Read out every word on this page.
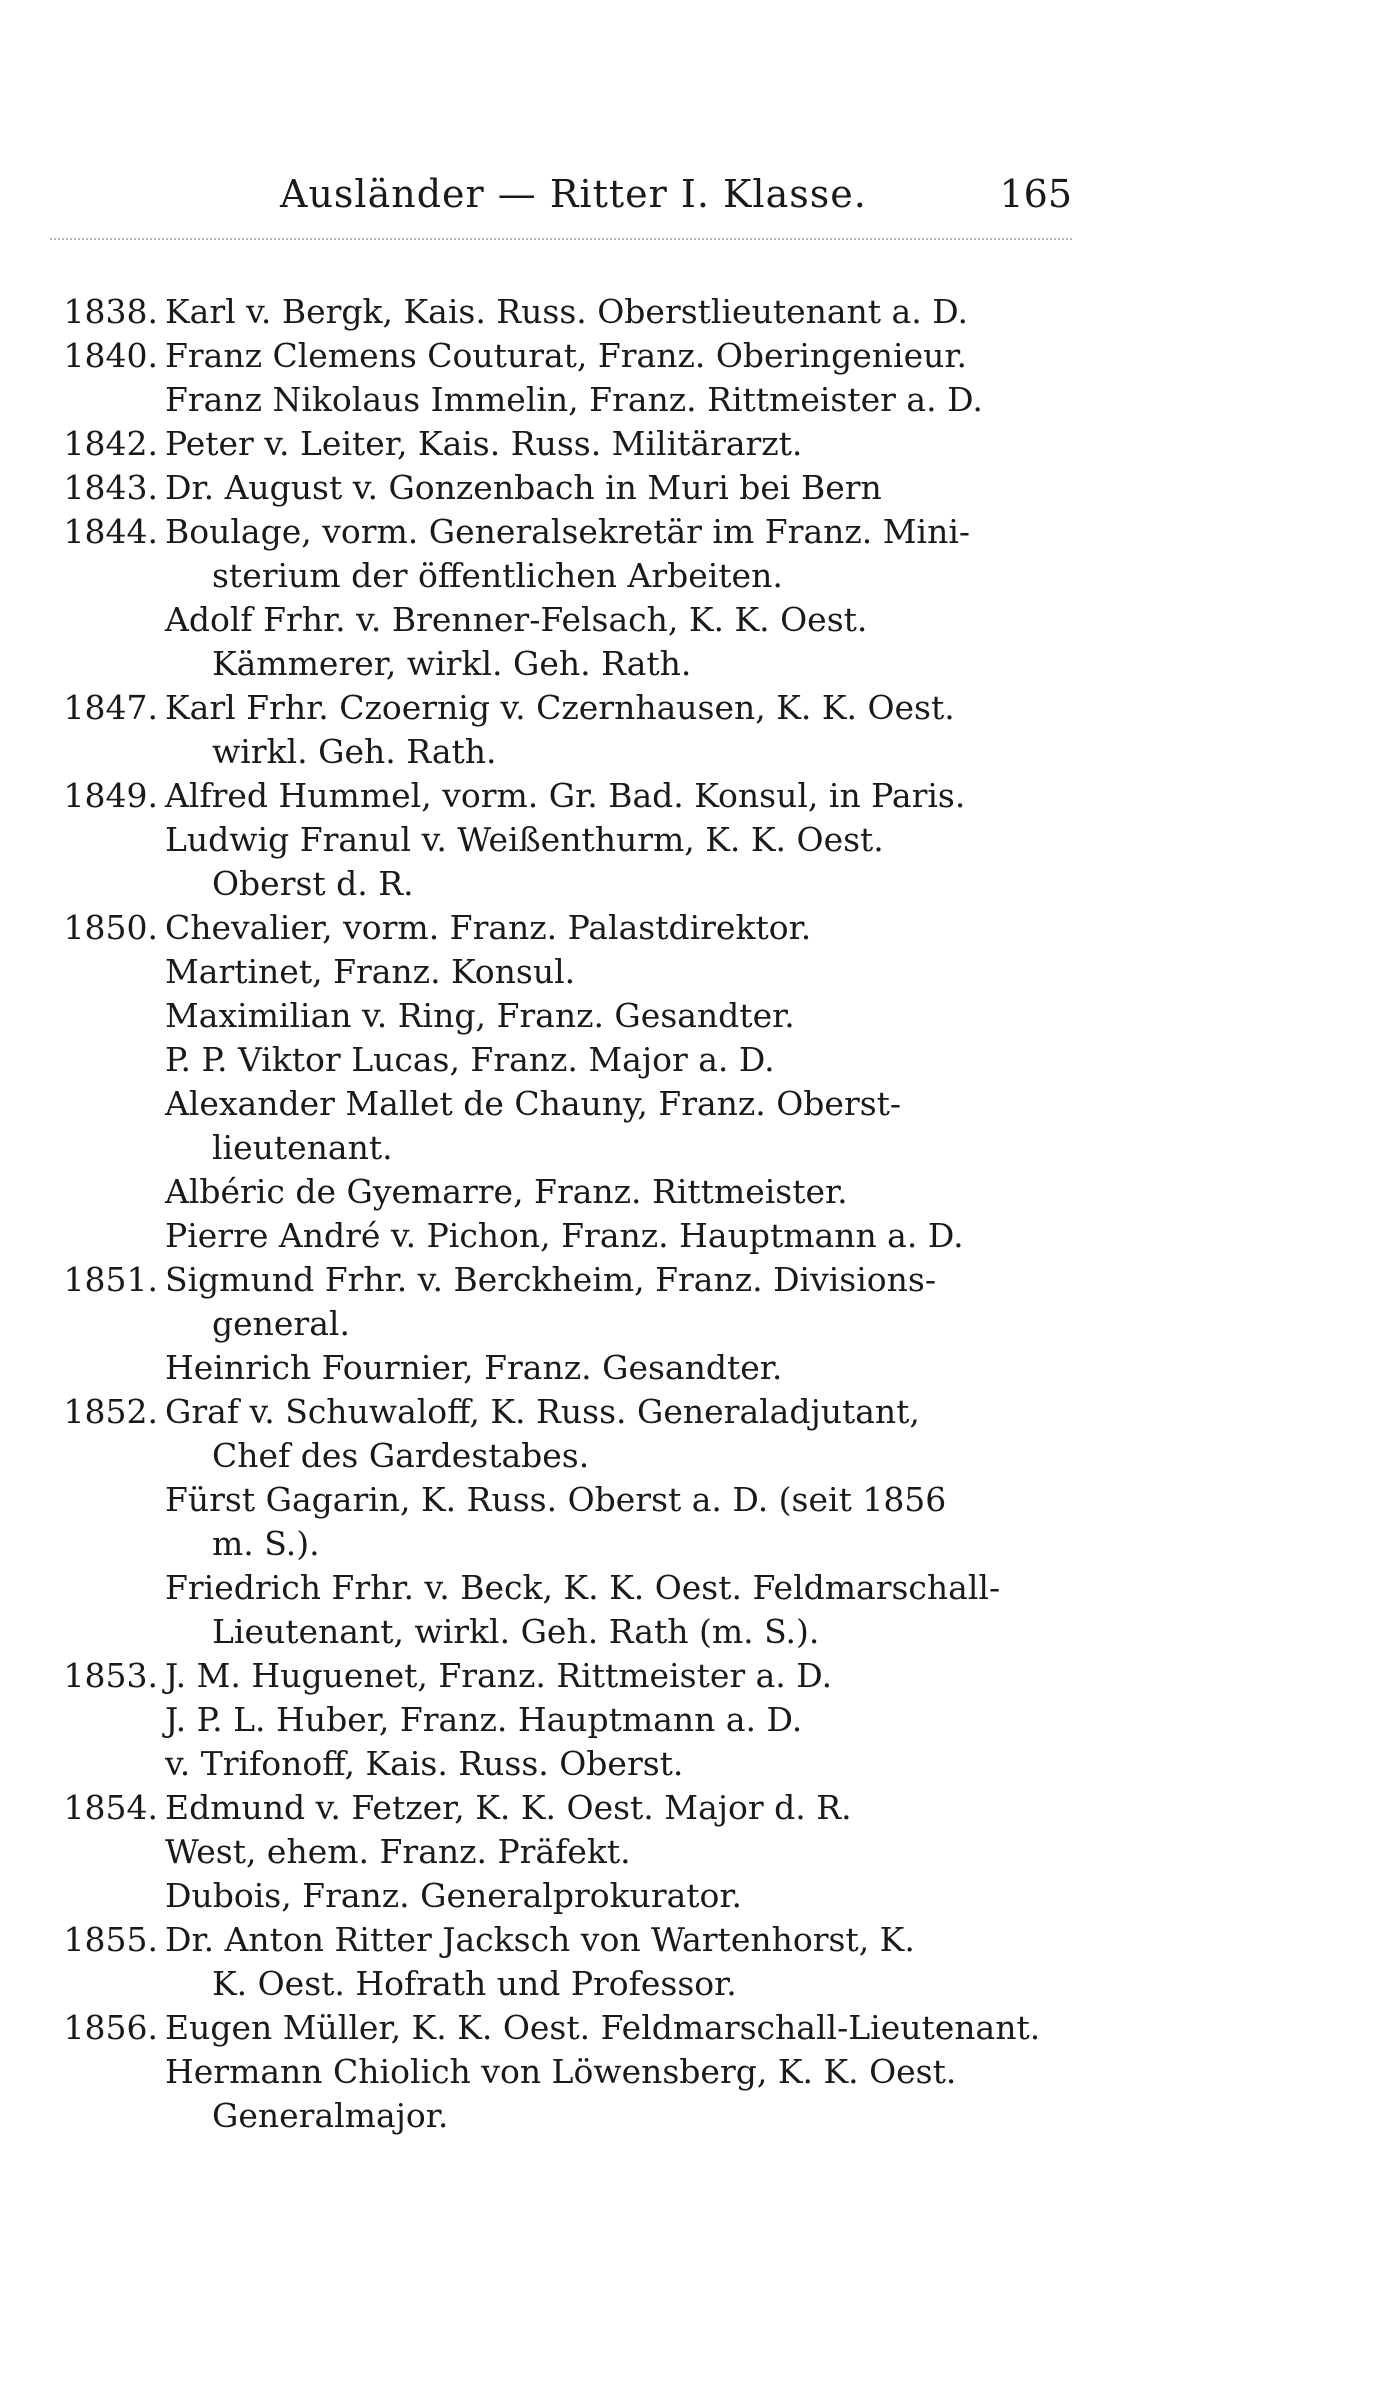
Ausländer — Ritter I. Klasse.	165
1838. Karl v. Bergk, Kais. Russ. Oberstlieutenant a. D.
1840. Franz Clemens Couturat, Franz. Oberingenieur.
Franz Nikolaus Immelin, Franz. Rittmeister a. D.
1842. Peter v. Leiter, Kais. Russ. Militärarzt.
1843. Dr. August v. Gonzenbach in Muri bei Bern
1844. Boulage, vorm. Generalsekretär im Franz. Mini-
sterium der öffentlichen Arbeiten.
Adolf Frhr. v. Brenner-Felsach, K. K. Oest.
Kämmerer, wirkl. Geh. Rath.
1847. Karl Frhr. Czoernig v. Czernhausen, K. K. Oest.
wirkl. Geh. Rath.
1849. Alfred Hummel, vorm. Gr. Bad. Konsul, in Paris.
Ludwig Franul v. Weißenthurm, K. K. Oest.
Oberst d. R.
1850. Chevalier, vorm. Franz. Palastdirektor.
Martinet, Franz. Konsul.
Maximilian v. Ring, Franz. Gesandter.
P. P. Viktor Lucas, Franz. Major a. D.
Alexander Mallet de Chauny, Franz. Oberst-
lieutenant.
Albéric de Gyemarre, Franz. Rittmeister.
Pierre André v. Pichon, Franz. Hauptmann a. D.
1851. Sigmund Frhr. v. Berckheim, Franz. Divisions-
general.
Heinrich Fournier, Franz. Gesandter.
1852. Graf v. Schuwaloff, K. Russ. Generaladjutant,
Chef des Gardestabes.
Fürst Gagarin, K. Russ. Oberst a. D. (seit 1856
m. S.).
Friedrich Frhr. v. Beck, K. K. Oest. Feldmarschall-
Lieutenant, wirkl. Geh. Rath (m. S.).
1853. J. M. Huguenet, Franz. Rittmeister a. D.
J. P. L. Huber, Franz. Hauptmann a. D.
v. Trifonoff, Kais. Russ. Oberst.
1854. Edmund v. Fetzer, K. K. Oest. Major d. R.
West, ehem. Franz. Präfekt.
Dubois, Franz. Generalprokurator.
1855. Dr. Anton Ritter Jacksch von Wartenhorst, K.
K. Oest. Hofrath und Professor.
1856. Eugen Müller, K. K. Oest. Feldmarschall-Lieutenant.
Hermann Chiolich von Löwensberg, K. K. Oest.
Generalmajor.
